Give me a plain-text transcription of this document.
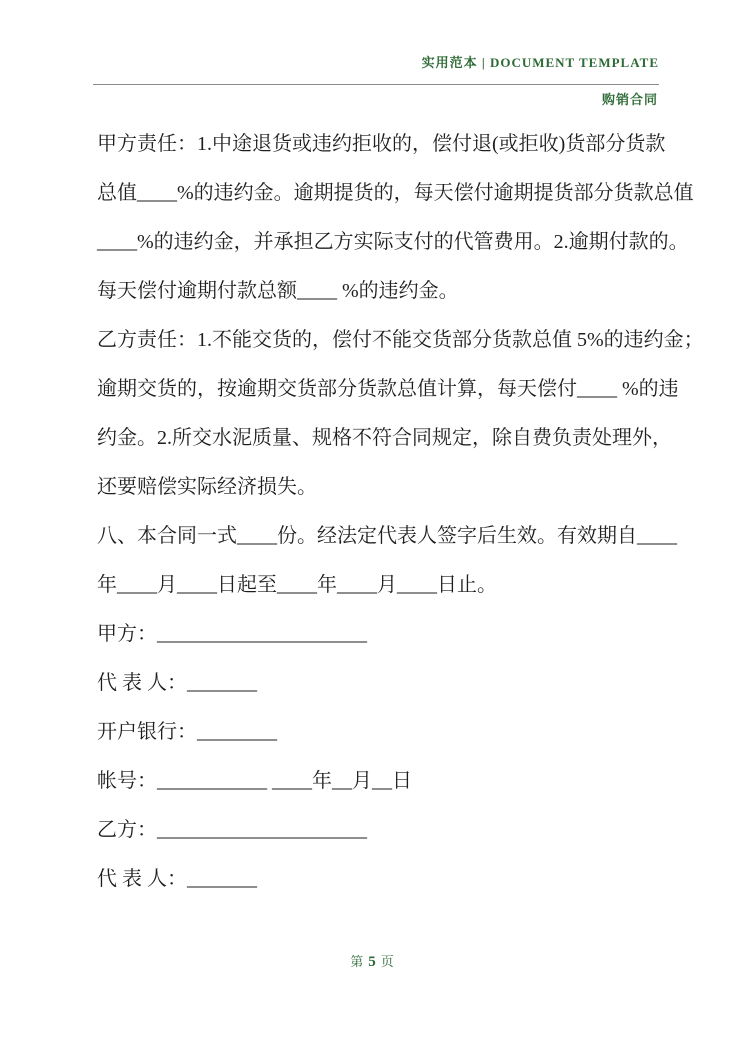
实用范本 | DOCUMENT TEMPLATE
购销合同
甲方责任：1.中途退货或违约拒收的，偿付退(或拒收)货部分货款
总值____%的违约金。逾期提货的，每天偿付逾期提货部分货款总值
____%的违约金，并承担乙方实际支付的代管费用。2.逾期付款的。
每天偿付逾期付款总额____ %的违约金。
乙方责任：1.不能交货的，偿付不能交货部分货款总值 5%的违约金；
逾期交货的，按逾期交货部分货款总值计算，每天偿付____ %的违
约金。2.所交水泥质量、规格不符合同规定，除自费负责处理外，
还要赔偿实际经济损失。
八、本合同一式____份。经法定代表人签字后生效。有效期自____
年____月____日起至____年____月____日止。
甲方：_____________________
代 表 人：_______
开户银行：________
帐号：___________ ____年__月__日
乙方：_____________________
代 表 人：_______
第 5 页
